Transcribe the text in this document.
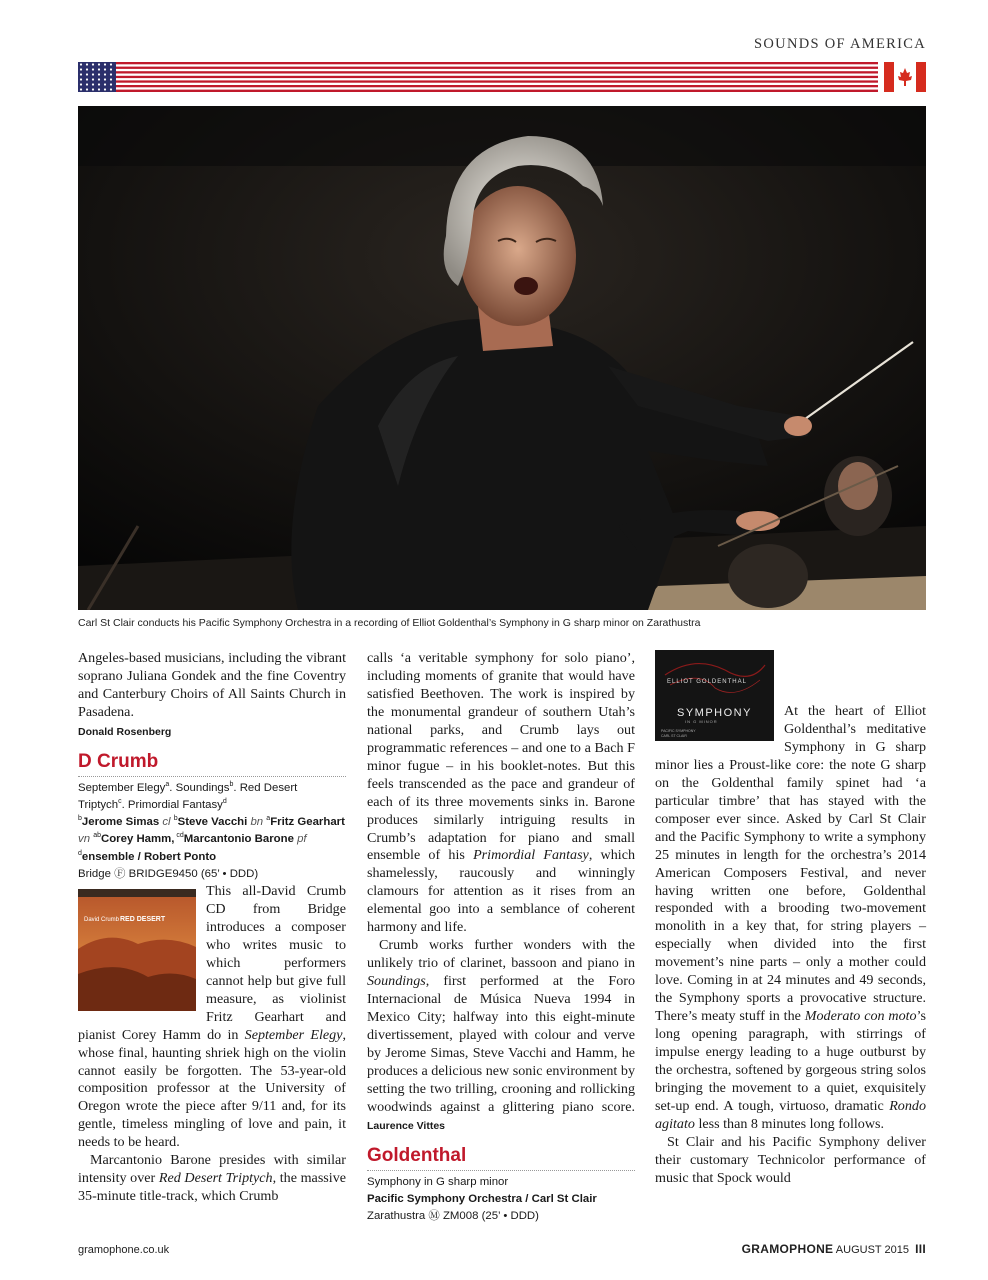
SOUNDS OF AMERICA
Carl St Clair conducts his Pacific Symphony Orchestra in a recording of Elliot Goldenthal’s Symphony in G sharp minor on Zarathustra

Angeles-based musicians, including the vibrant soprano Juliana Gondek and the fine Coventry and Canterbury Choirs of All Saints Church in Pasadena.

Donald Rosenberg
D Crumb
September Elegy$^a$. Soundings$^b$. Red Desert Triptych$^c$. Primordial Fantasy$^d$
$^b$Jerome Simas cl $^b$Steve Vacchi bn $^a$Fritz Gearhart vn $^{ab}$Corey Hamm, $^{cd}$Marcantonio Barone pf
$^d$ensemble / Robert Ponto
Bridge Ⓕ BRIDGE9450 (65’ • DDD)
David Crumb RED DESERT

This all-David Crumb CD from Bridge introduces a composer who writes music to which performers cannot help but give full measure, as violinist Fritz Gearhart and pianist Corey Hamm do in September Elegy, whose final, haunting shriek high on the violin cannot easily be forgotten. The 53-year-old composition professor at the University of Oregon wrote the piece after 9/11 and, for its gentle, timeless mingling of love and pain, it needs to be heard.

Marcantonio Barone presides with similar intensity over Red Desert Triptych, the massive 35-minute title-track, which Crumb

calls ‘a veritable symphony for solo piano’, including moments of granite that would have satisfied Beethoven. The work is inspired by the monumental grandeur of southern Utah’s national parks, and Crumb lays out programmatic references – and one to a Bach F minor fugue – in his booklet-notes. But this feels transcended as the pace and grandeur of each of its three movements sinks in. Barone produces similarly intriguing results in Crumb’s adaptation for piano and small ensemble of his Primordial Fantasy, which shamelessly, raucously and winningly clamours for attention as it rises from an elemental goo into a semblance of coherent harmony and life.

Crumb works further wonders with the unlikely trio of clarinet, bassoon and piano in Soundings, first performed at the Foro Internacional de Música Nueva 1994 in Mexico City; halfway into this eight-minute divertissement, played with colour and verve by Jerome Simas, Steve Vacchi and Hamm, he produces a delicious new sonic environment by setting the two trilling, crooning and rollicking woodwinds against a glittering piano score. Laurence Vittes

Goldenthal
Symphony in G sharp minor
Pacific Symphony Orchestra / Carl St Clair
Zarathustra Ⓜ ZM008 (25’ • DDD)
ELLIOT GOLDENTHAL
SYMPHONY
IN G MINOR
PACIFIC SYMPHONY
CARL ST CLAIR

At the heart of Elliot Goldenthal’s meditative Symphony in G sharp minor lies a Proust-like core: the note G sharp on the Goldenthal family spinet had ‘a particular timbre’ that has stayed with the composer ever since. Asked by Carl St Clair and the Pacific Symphony to write a symphony 25 minutes in length for the orchestra’s 2014 American Composers Festival, and never having written one before, Goldenthal responded with a brooding two-movement monolith in a key that, for string players – especially when divided into the first movement’s nine parts – only a mother could love. Coming in at 24 minutes and 49 seconds, the Symphony sports a provocative structure. There’s meaty stuff in the Moderato con moto’s long opening paragraph, with stirrings of impulse energy leading to a huge outburst by the orchestra, softened by gorgeous string solos bringing the movement to a quiet, exquisitely set-up end. A tough, virtuoso, dramatic Rondo agitato less than 8 minutes long follows.

St Clair and his Pacific Symphony deliver their customary Technicolor performance of music that Spock would

gramophone.co.uk	GRAMOPHONE AUGUST 2015 III
